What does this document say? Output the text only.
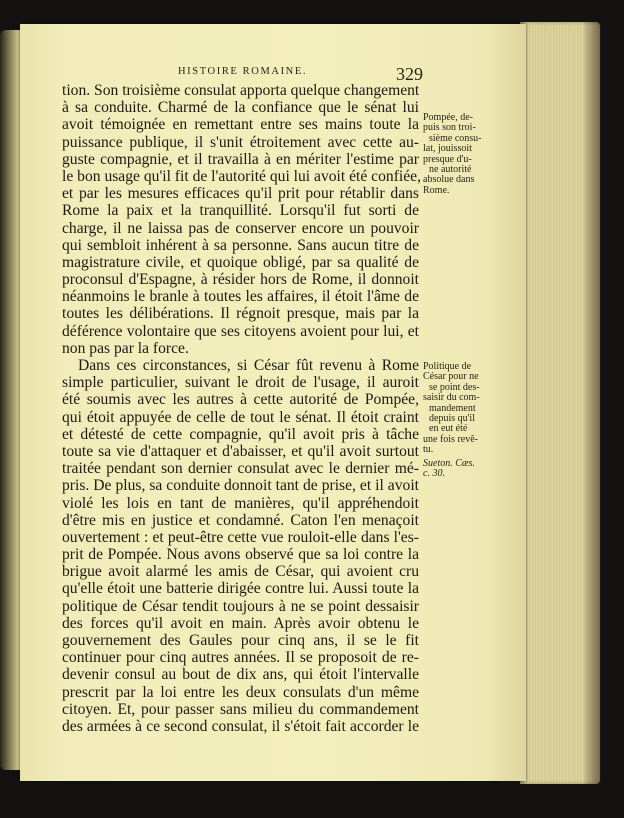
HISTOIRE ROMAINE.	329
tion. Son troisième consulat apporta quelque changement
à sa conduite. Charmé de la confiance que le sénat lui
avoit témoignée en remettant entre ses mains toute la
puissance publique, il s'unit étroitement avec cette au-
guste compagnie, et il travailla à en mériter l'estime par
le bon usage qu'il fit de l'autorité qui lui avoit été confiée,
et par les mesures efficaces qu'il prit pour rétablir dans
Rome la paix et la tranquillité. Lorsqu'il fut sorti de
charge, il ne laissa pas de conserver encore un pouvoir
qui sembloit inhérent à sa personne. Sans aucun titre de
magistrature civile, et quoique obligé, par sa qualité de
proconsul d'Espagne, à résider hors de Rome, il donnoit
néanmoins le branle à toutes les affaires, il étoit l'âme de
toutes les délibérations. Il régnoit presque, mais par la
déférence volontaire que ses citoyens avoient pour lui, et
non pas par la force.
Dans ces circonstances, si César fût revenu à Rome
simple particulier, suivant le droit de l'usage, il auroit
été soumis avec les autres à cette autorité de Pompée,
qui étoit appuyée de celle de tout le sénat. Il étoit craint
et détesté de cette compagnie, qu'il avoit pris à tâche
toute sa vie d'attaquer et d'abaisser, et qu'il avoit surtout
traitée pendant son dernier consulat avec le dernier mé-
pris. De plus, sa conduite donnoit tant de prise, et il avoit
violé les lois en tant de manières, qu'il appréhendoit
d'être mis en justice et condamné. Caton l'en menaçoit
ouvertement : et peut-être cette vue rouloit-elle dans l'es-
prit de Pompée. Nous avons observé que sa loi contre la
brigue avoit alarmé les amis de César, qui avoient cru
qu'elle étoit une batterie dirigée contre lui. Aussi toute la
politique de César tendit toujours à ne se point dessaisir
des forces qu'il avoit en main. Après avoir obtenu le
gouvernement des Gaules pour cinq ans, il se le fit
continuer pour cinq autres années. Il se proposoit de re-
devenir consul au bout de dix ans, qui étoit l'intervalle
prescrit par la loi entre les deux consulats d'un même
citoyen. Et, pour passer sans milieu du commandement
des armées à ce second consulat, il s'étoit fait accorder le
Pompée, de-
puis son troi-
sième consu-
lat, jouissoit
presque d'u-
ne autorité
absolue dans
Rome.
Politique de
César pour ne
se point des-
saisir du com-
mandement
depuis qu'il
en eut été
une fois revê-
tu.
Sueton. Cæs.
c. 30.
